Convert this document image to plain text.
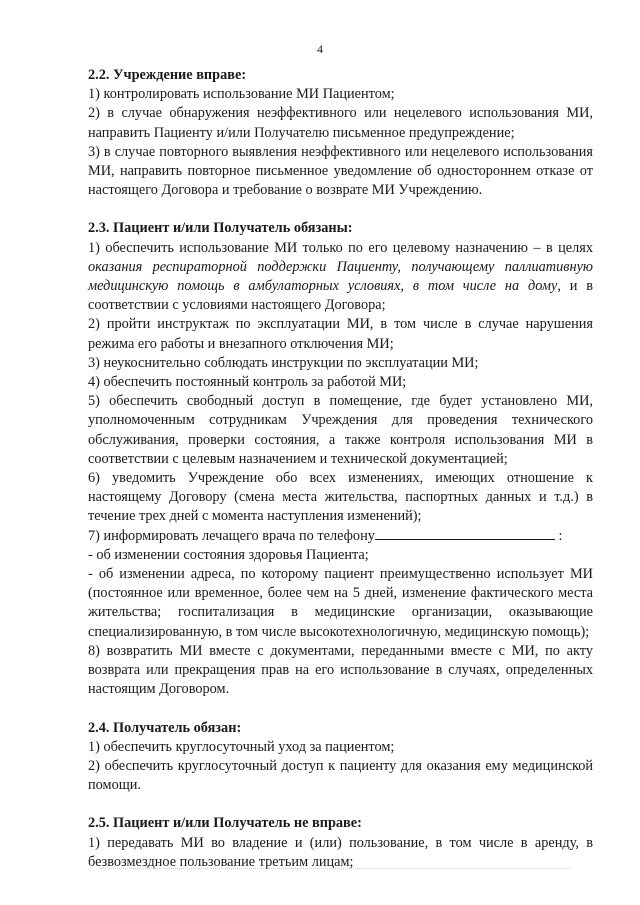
4

2.2. Учреждение вправе:

1) контролировать использование МИ Пациентом;

2) в случае обнаружения неэффективного или нецелевого использования МИ, направить Пациенту и/или Получателю письменное предупреждение;

3) в случае повторного выявления неэффективного или нецелевого использования МИ, направить повторное письменное уведомление об одностороннем отказе от настоящего Договора и требование о возврате МИ Учреждению.

2.3. Пациент и/или Получатель обязаны:

1) обеспечить использование МИ только по его целевому назначению – в целях оказания респираторной поддержки Пациенту, получающему паллиативную медицинскую помощь в амбулаторных условиях, в том числе на дому, и в соответствии с условиями настоящего Договора;

2) пройти инструктаж по эксплуатации МИ, в том числе в случае нарушения режима его работы и внезапного отключения МИ;

3) неукоснительно соблюдать инструкции по эксплуатации МИ;

4) обеспечить постоянный контроль за работой МИ;

5) обеспечить свободный доступ в помещение, где будет установлено МИ, уполномоченным сотрудникам Учреждения для проведения технического обслуживания, проверки состояния, а также контроля использования МИ в соответствии с целевым назначением и технической документацией;

6) уведомить Учреждение обо всех изменениях, имеющих отношение к настоящему Договору (смена места жительства, паспортных данных и т.д.) в течение трех дней с момента наступления изменений);

7) информировать лечащего врача по телефону	:

- об изменении состояния здоровья Пациента;

- об изменении адреса, по которому пациент преимущественно использует МИ (постоянное или временное, более чем на 5 дней, изменение фактического места жительства; госпитализация в медицинские организации, оказывающие специализированную, в том числе высокотехнологичную, медицинскую помощь);

8) возвратить МИ вместе с документами, переданными вместе с МИ, по акту возврата или прекращения прав на его использование в случаях, определенных настоящим Договором.

2.4. Получатель обязан:

1) обеспечить круглосуточный уход за пациентом;

2) обеспечить круглосуточный доступ к пациенту для оказания ему медицинской помощи.

2.5. Пациент и/или Получатель не вправе:

1) передавать МИ во владение и (или) пользование, в том числе в аренду, в безвозмездное пользование третьим лицам;
